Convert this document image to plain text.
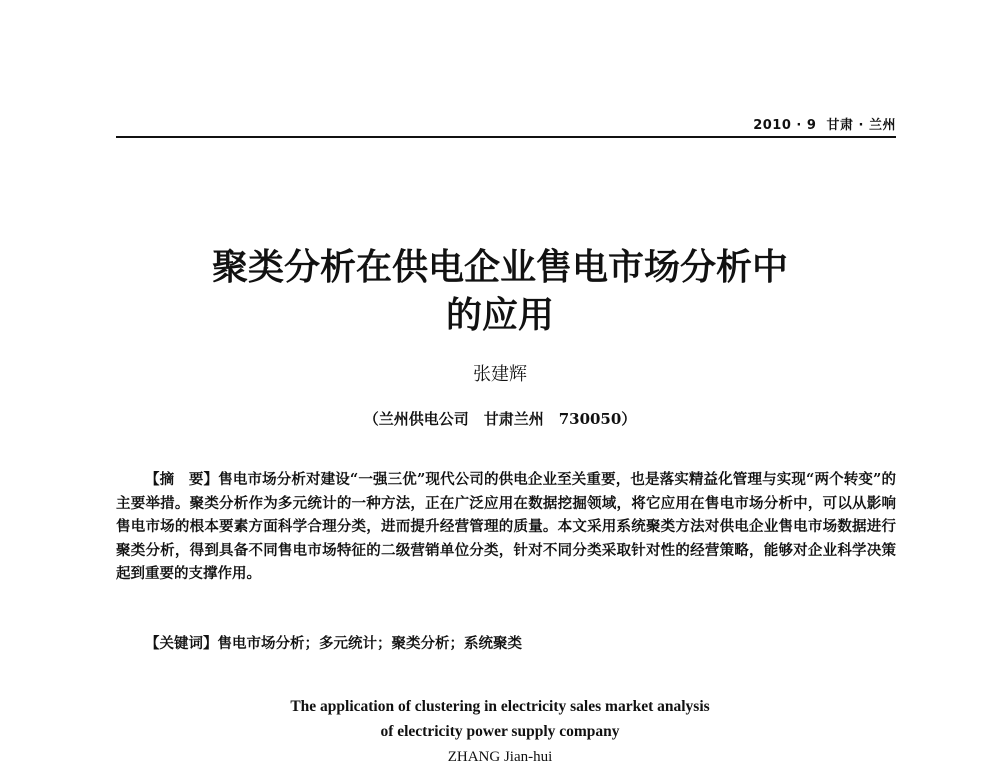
2010 · 9 甘肃 · 兰州
聚类分析在供电企业售电市场分析中
的应用
张建辉
（兰州供电公司　甘肃兰州　730050）
【摘　要】售电市场分析对建设“一强三优”现代公司的供电企业至关重要，也是落实精益化管理与实现“两个转变”的主要举措。聚类分析作为多元统计的一种方法，正在广泛应用在数据挖掘领域，将它应用在售电市场分析中，可以从影响售电市场的根本要素方面科学合理分类，进而提升经营管理的质量。本文采用系统聚类方法对供电企业售电市场数据进行聚类分析，得到具备不同售电市场特征的二级营销单位分类，针对不同分类采取针对性的经营策略，能够对企业科学决策起到重要的支撑作用。
【关键词】售电市场分析；多元统计；聚类分析；系统聚类
The application of clustering in electricity sales market analysis
of electricity power supply company
ZHANG Jian-hui
